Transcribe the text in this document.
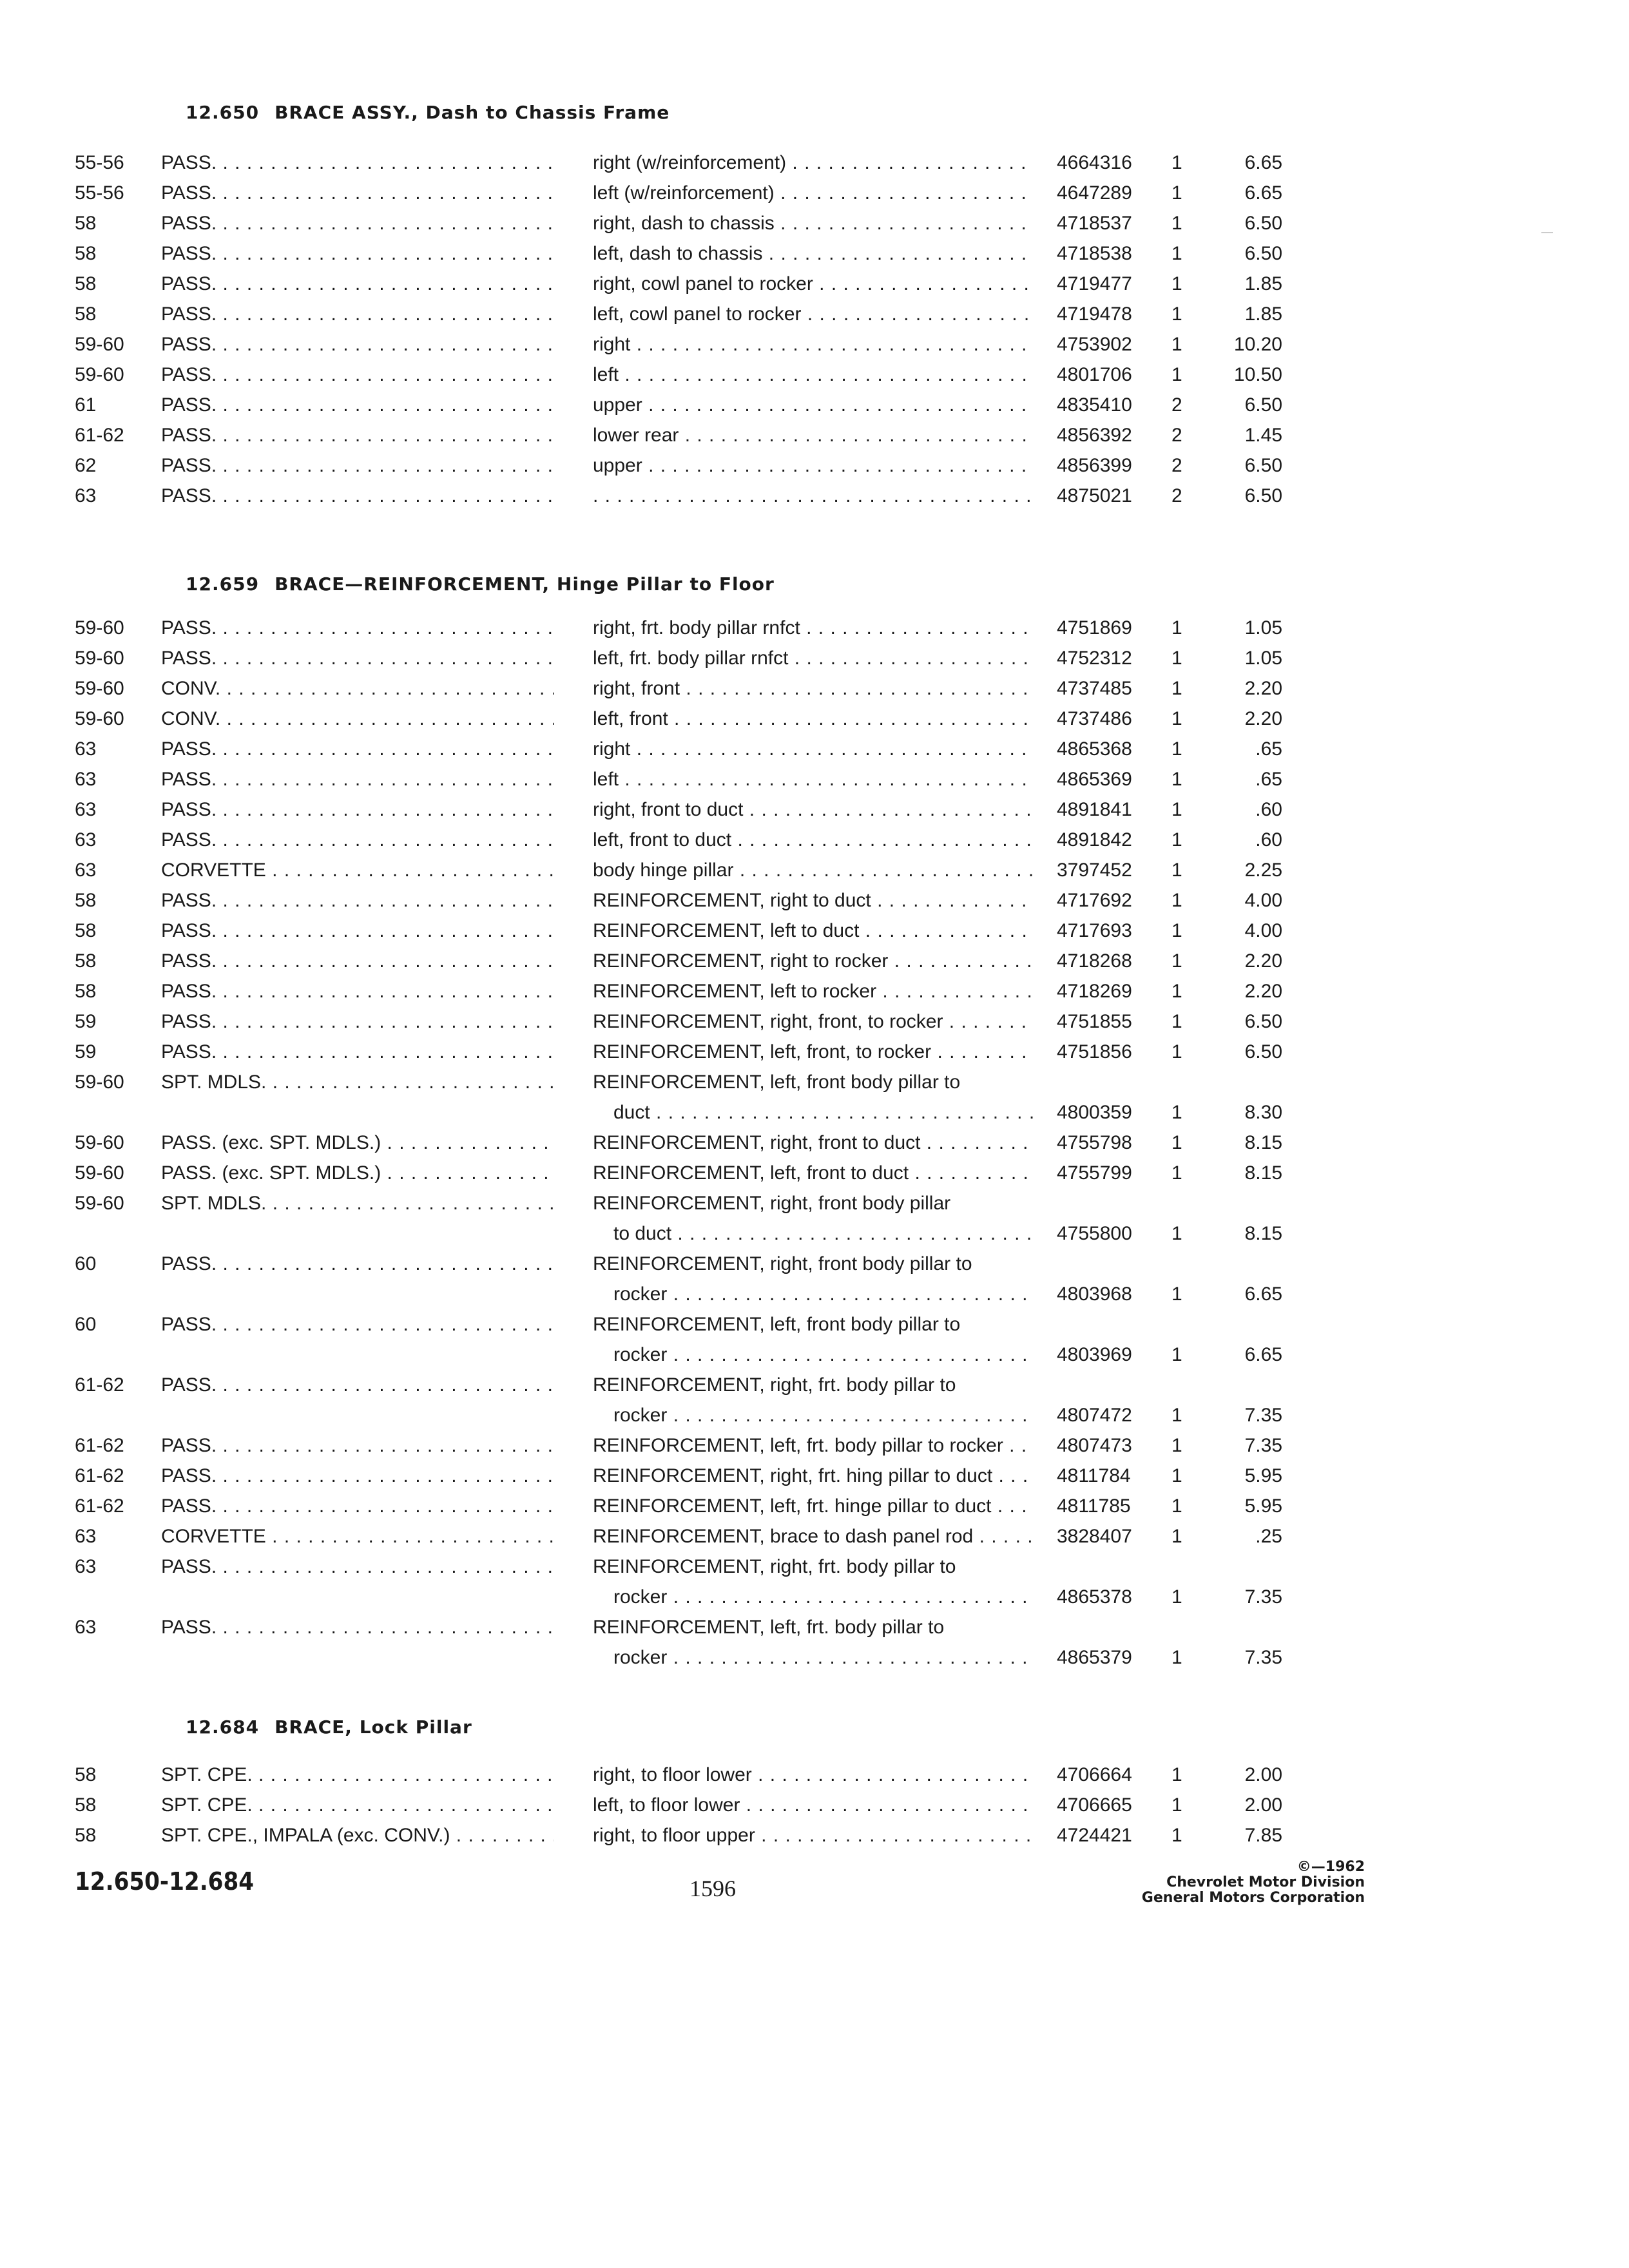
12.650 BRACE ASSY., Dash to Chassis Frame
55-56 PASS. . . .	right (w/reinforcement) . . .	4664316 1	6.65
55-56 PASS. . . .	left (w/reinforcement) . . .	4647289 1	6.65
58	PASS. . . .	right, dash to chassis . . .	4718537 1	6.50
58	PASS. . . .	left, dash to chassis . . .	4718538 1	6.50
58	PASS. . . .	right, cowl panel to rocker . . .	4719477 1	1.85
58	PASS. . . .	left, cowl panel to rocker . . .	4719478 1	1.85
59-60 PASS. . . .	right . . .	4753902 1	10.20
59-60 PASS. . . .	left . . .	4801706 1	10.50
61	PASS. . . .	upper . . .	4835410 2	6.50
61-62 PASS. . . .	lower rear . . .	4856392 2	1.45
62	PASS. . . .	upper . . .	4856399 2	6.50
63	PASS. . . .
. . .	4875021 2	6.50
12.659 BRACE—REINFORCEMENT, Hinge Pillar to Floor
59-60 PASS. . . .	right, frt. body pillar rnfct . . .	4751869 1	1.05
59-60 PASS. . . .	left, frt. body pillar rnfct . . .	4752312 1	1.05
59-60 CONV. . . .	right, front . . .	4737485 1	2.20
59-60 CONV. . . .	left, front . . .	4737486 1	2.20
63	PASS. . . .	right . . .	4865368 1	.65
63	PASS. . . .	left . . .	4865369 1	.65
63	PASS. . . .	right, front to duct . . .	4891841 1	.60
63	PASS. . . .	left, front to duct . . .	4891842 1	.60
63	CORVETTE . . .	body hinge pillar . . .	3797452 1	2.25
58	PASS. . . .	REINFORCEMENT, right to duct . . .	4717692 1	4.00
58	PASS. . . .	REINFORCEMENT, left to duct . . .	4717693 1	4.00
58	PASS. . . .	REINFORCEMENT, right to rocker . . .	4718268 1	2.20
58	PASS. . . .	REINFORCEMENT, left to rocker . . .	4718269 1	2.20
59	PASS. . . .	REINFORCEMENT, right, front, to rocker . . .	4751855 1	6.50
59	PASS. . . .	REINFORCEMENT, left, front, to rocker . . .	4751856 1	6.50
59-60 SPT. MDLS. . . .	REINFORCEMENT, left, front body pillar to
duct . . .	4800359 1	8.30
59-60 PASS. (exc. SPT. MDLS.) . . .	REINFORCEMENT, right, front to duct . . .	4755798 1	8.15
59-60 PASS. (exc. SPT. MDLS.) . . .	REINFORCEMENT, left, front to duct . . .	4755799 1	8.15
59-60 SPT. MDLS. . . .	REINFORCEMENT, right, front body pillar
to duct . . .	4755800 1	8.15
60	PASS. . . .	REINFORCEMENT, right, front body pillar to
rocker . . .	4803968 1	6.65
60	PASS. . . .	REINFORCEMENT, left, front body pillar to
rocker . . .	4803969 1	6.65
61-62 PASS. . . .	REINFORCEMENT, right, frt. body pillar to
rocker . . .	4807472 1	7.35
61-62 PASS. . . .	REINFORCEMENT, left, frt. body pillar to rocker . . .	4807473 1	7.35
61-62 PASS. . . .	REINFORCEMENT, right, frt. hing pillar to duct . . .	4811784 1	5.95
61-62 PASS. . . .	REINFORCEMENT, left, frt. hinge pillar to duct . . .	4811785 1	5.95
63	CORVETTE . . .	REINFORCEMENT, brace to dash panel rod . . .	3828407 1	.25
63	PASS. . . .	REINFORCEMENT, right, frt. body pillar to
rocker . . .	4865378 1	7.35
63	PASS. . . .	REINFORCEMENT, left, frt. body pillar to
rocker . . .	4865379 1	7.35
12.684 BRACE, Lock Pillar
58	SPT. CPE. . . .	right, to floor lower . . .	4706664 1	2.00
58	SPT. CPE. . . .	left, to floor lower . . .	4706665 1	2.00
58	SPT. CPE., IMPALA (exc. CONV.) . . .	right, to floor upper . . .	4724421 1	7.85
12.650-12.684	1596
©—1962
Chevrolet Motor Division
General Motors Corporation
